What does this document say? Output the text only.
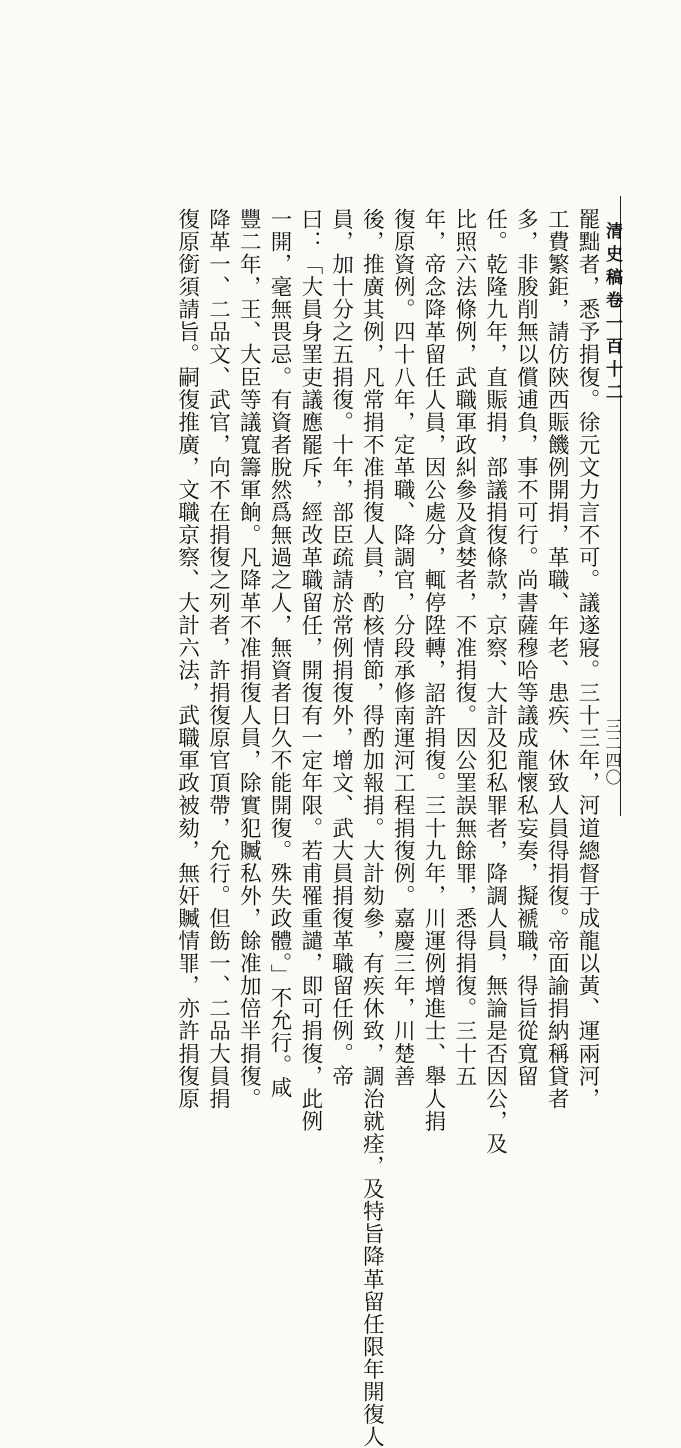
清史稿卷一百十二
三二四〇
罷黜者，悉予捐復。徐元文力言不可。議遂寢。三十三年，河道總督于成龍以黃、運兩河，
工費繁鉅，請仿陝西賑饑例開捐，革職、年老、患疾、休致人員得捐復。帝面諭捐納稱貸者
多，非朘削無以償逋負，事不可行。尚書薩穆哈等議成龍懷私妄奏，擬褫職，得旨從寬留
任。乾隆九年，直賑捐，部議捐復條款，京察、大計及犯私罪者，降調人員，無論是否因公，及
比照六法條例，武職軍政糾參及貪婪者，不准捐復。因公罣誤無餘罪，悉得捐復。三十五
年，帝念降革留任人員，因公處分，輒停陞轉，詔許捐復。三十九年，川運例增進士、舉人捐
復原資例。四十八年，定革職、降調官，分段承修南運河工程捐復例。嘉慶三年，川楚善
後，推廣其例，凡常捐不准捐復人員，酌核情節，得酌加報捐。大計劾參，有疾休致，調治就痊，及特旨降革留任限年開復人
員，加十分之五捐復。十年，部臣疏請於常例捐復外，增文、武大員捐復革職留任例。帝
曰：「大員身罣吏議應罷斥，經改革職留任，開復有一定年限。若甫罹重譴，即可捐復，此例
一開，毫無畏忌。有資者脫然爲無過之人，無資者日久不能開復。殊失政體。」不允行。咸
豐二年，王、大臣等議寬籌軍餉。凡降革不准捐復人員，除實犯贓私外，餘准加倍半捐復。
降革一、二品文、武官，向不在捐復之列者，許捐復原官頂帶，允行。但飭一、二品大員捐
復原銜須請旨。嗣復推廣，文職京察、大計六法，武職軍政被劾，無奸贓情罪，亦許捐復原
